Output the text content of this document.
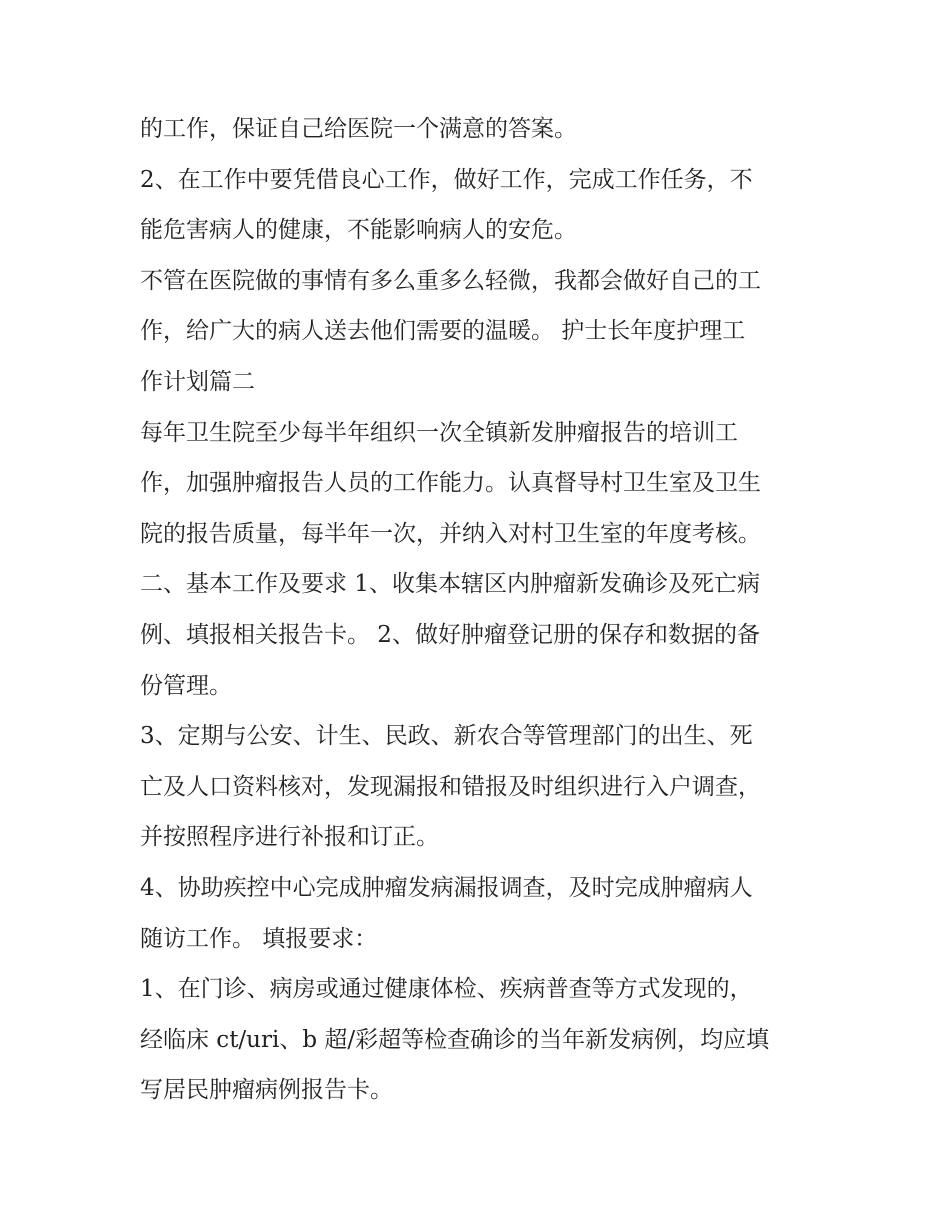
的工作，保证自己给医院一个满意的答案。
2、在工作中要凭借良心工作，做好工作，完成工作任务，不
能危害病人的健康，不能影响病人的安危。
不管在医院做的事情有多么重多么轻微，我都会做好自己的工
作，给广大的病人送去他们需要的温暖。 护士长年度护理工
作计划篇二
每年卫生院至少每半年组织一次全镇新发肿瘤报告的培训工
作，加强肿瘤报告人员的工作能力。认真督导村卫生室及卫生
院的报告质量，每半年一次，并纳入对村卫生室的年度考核。
二、基本工作及要求 1、收集本辖区内肿瘤新发确诊及死亡病
例、填报相关报告卡。 2、做好肿瘤登记册的保存和数据的备
份管理。
3、定期与公安、计生、民政、新农合等管理部门的出生、死
亡及人口资料核对，发现漏报和错报及时组织进行入户调查，
并按照程序进行补报和订正。
4、协助疾控中心完成肿瘤发病漏报调查，及时完成肿瘤病人
随访工作。 填报要求：
1、在门诊、病房或通过健康体检、疾病普查等方式发现的，
经临床 ct/uri、b 超/彩超等检查确诊的当年新发病例，均应填
写居民肿瘤病例报告卡。
